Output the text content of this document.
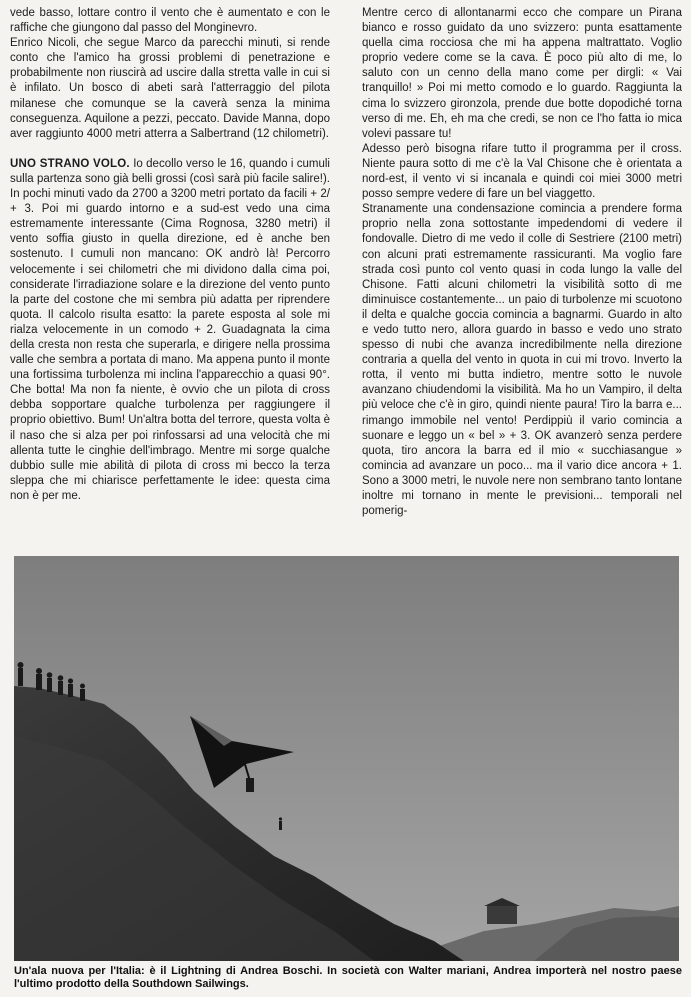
vede basso, lottare contro il vento che è aumentato e con le raffiche che giungono dal passo del Monginevro.

Enrico Nicoli, che segue Marco da parecchi minuti, si rende conto che l'amico ha grossi problemi di penetrazione e probabilmente non riuscirà ad uscire dalla stretta valle in cui si è infilato. Un bosco di abeti sarà l'atterraggio del pilota milanese che comunque se la caverà senza la minima conseguenza. Aquilone a pezzi, peccato. Davide Manna, dopo aver raggiunto 4000 metri atterra a Salbertrand (12 chilometri).

UNO STRANO VOLO. Io decollo verso le 16, quando i cumuli sulla partenza sono già belli grossi (così sarà più facile salire!). In pochi minuti vado da 2700 a 3200 metri portato da facili + 2/ + 3. Poi mi guardo intorno e a sud-est vedo una cima estremamente interessante (Cima Rognosa, 3280 metri) il vento soffia giusto in quella direzione, ed è anche ben sostenuto. I cumuli non mancano: OK andrò là! Percorro velocemente i sei chilometri che mi dividono dalla cima poi, considerate l'irradiazione solare e la direzione del vento punto la parte del costone che mi sembra più adatta per riprendere quota. Il calcolo risulta esatto: la parete esposta al sole mi rialza velocemente in un comodo + 2. Guadagnata la cima della cresta non resta che superarla, e dirigere nella prossima valle che sembra a portata di mano. Ma appena punto il monte una fortissima turbolenza mi inclina l'apparecchio a quasi 90°. Che botta! Ma non fa niente, è ovvio che un pilota di cross debba sopportare qualche turbolenza per raggiungere il proprio obiettivo. Bum! Un'altra botta del terrore, questa volta è il naso che si alza per poi rinfossarsi ad una velocità che mi allenta tutte le cinghie dell'imbrago. Mentre mi sorge qualche dubbio sulle mie abilità di pilota di cross mi becco la terza sleppa che mi chiarisce perfettamente le idee: questa cima non è per me.

Mentre cerco di allontanarmi ecco che compare un Pirana bianco e rosso guidato da uno svizzero: punta esattamente quella cima rocciosa che mi ha appena maltrattato. Voglio proprio vedere come se la cava. È poco più alto di me, lo saluto con un cenno della mano come per dirgli: « Vai tranquillo! » Poi mi metto comodo e lo guardo. Raggiunta la cima lo svizzero gironzola, prende due botte dopodiché torna verso di me. Eh, eh ma che credi, se non ce l'ho fatta io mica volevi passare tu!

Adesso però bisogna rifare tutto il programma per il cross. Niente paura sotto di me c'è la Val Chisone che è orientata a nord-est, il vento vi si incanala e quindi coi miei 3000 metri posso sempre vedere di fare un bel viaggetto.

Stranamente una condensazione comincia a prendere forma proprio nella zona sottostante impedendomi di vedere il fondovalle. Dietro di me vedo il colle di Sestriere (2100 metri) con alcuni prati estremamente rassicuranti. Ma voglio fare strada così punto col vento quasi in coda lungo la valle del Chisone. Fatti alcuni chilometri la visibilità sotto di me diminuisce costantemente... un paio di turbolenze mi scuotono il delta e qualche goccia comincia a bagnarmi. Guardo in alto e vedo tutto nero, allora guardo in basso e vedo uno strato spesso di nubi che avanza incredibilmente nella direzione contraria a quella del vento in quota in cui mi trovo. Inverto la rotta, il vento mi butta indietro, mentre sotto le nuvole avanzano chiudendomi la visibilità. Ma ho un Vampiro, il delta più veloce che c'è in giro, quindi niente paura! Tiro la barra e... rimango immobile nel vento! Perdippiù il vario comincia a suonare e leggo un « bel » + 3. OK avanzerò senza perdere quota, tiro ancora la barra ed il mio « succhiasangue » comincia ad avanzare un poco... ma il vario dice ancora + 1. Sono a 3000 metri, le nuvole nere non sembrano tanto lontane inoltre mi tornano in mente le previsioni... temporali nel pomerig-

Un'ala nuova per l'Italia: è il Lightning di Andrea Boschi. In società con Walter mariani, Andrea importerà nel nostro paese l'ultimo prodotto della Southdown Sailwings.
